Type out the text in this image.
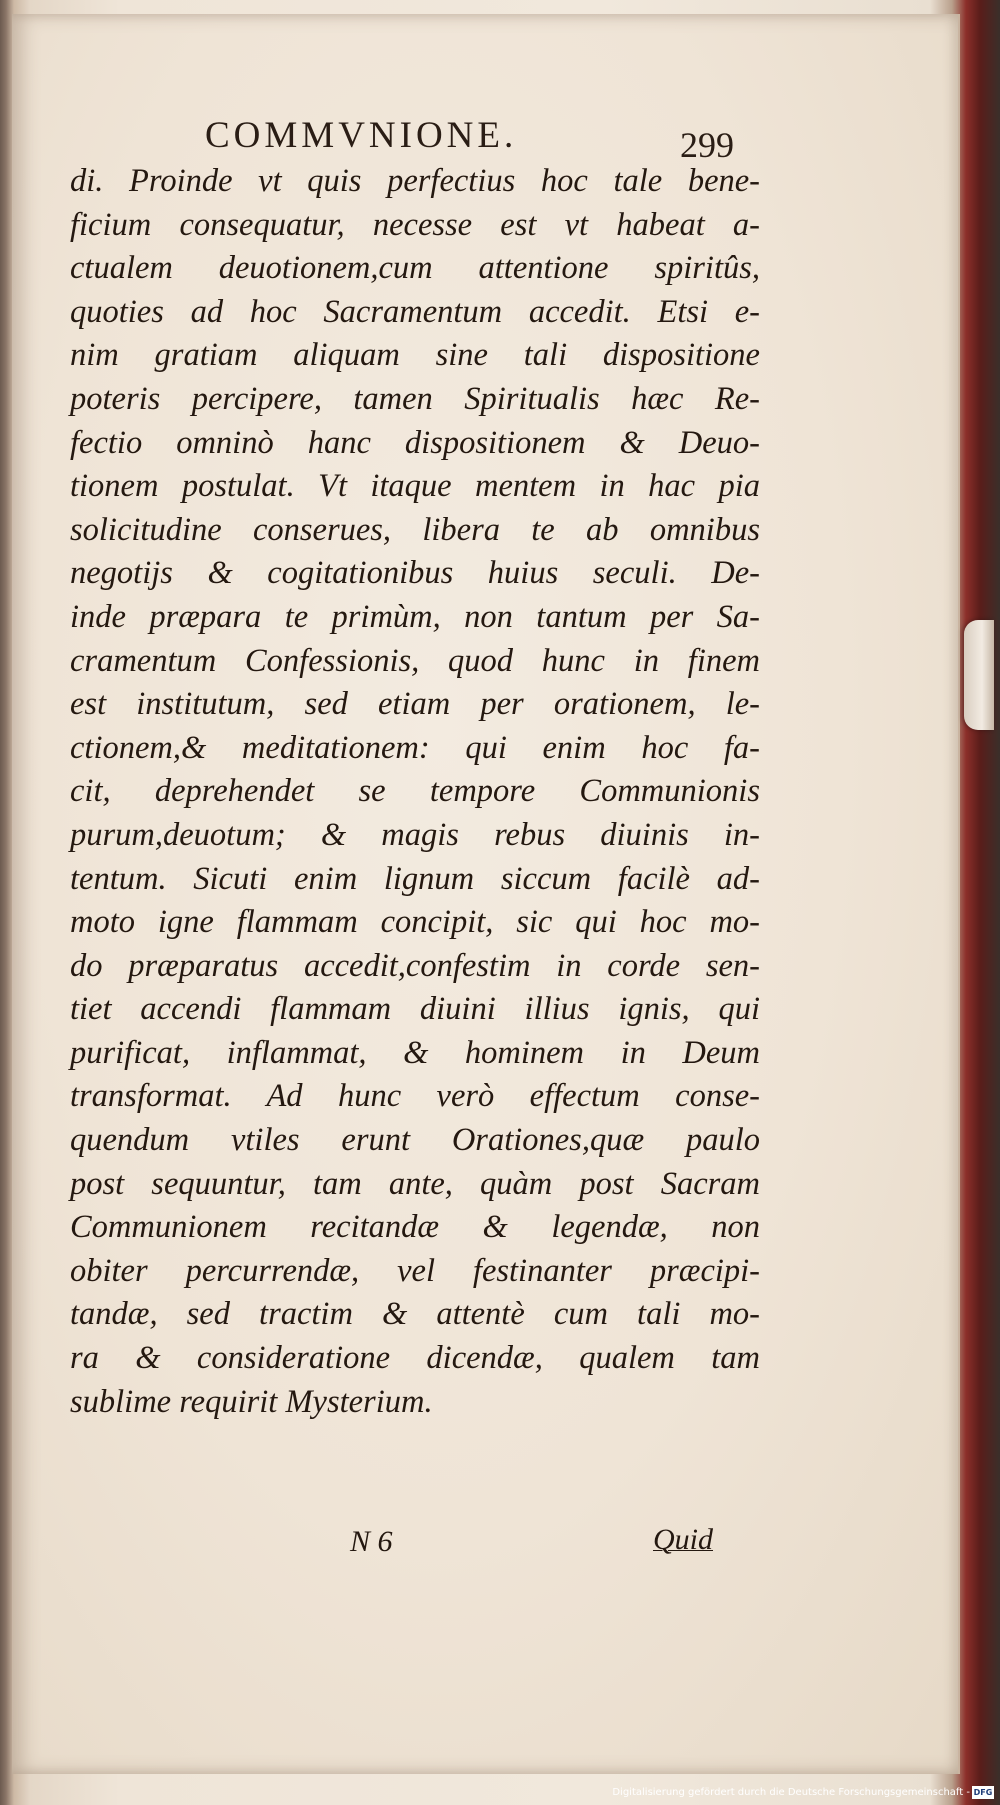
COMMVNIONE.	299
di. Proinde vt quis perfectius hoc tale bene-
ficium consequatur, necesse est vt habeat a-
ctualem deuotionem,cum attentione spiritûs,
quoties ad hoc Sacramentum accedit. Etsi e-
nim gratiam aliquam sine tali dispositione
poteris percipere, tamen Spiritualis hæc Re-
fectio omninò hanc dispositionem & Deuo-
tionem postulat. Vt itaque mentem in hac pia
solicitudine conserues, libera te ab omnibus
negotijs & cogitationibus huius seculi. De-
inde præpara te primùm, non tantum per Sa-
cramentum Confessionis, quod hunc in finem
est institutum, sed etiam per orationem, le-
ctionem,& meditationem: qui enim hoc fa-
cit, deprehendet se tempore Communionis
purum,deuotum; & magis rebus diuinis in-
tentum. Sicuti enim lignum siccum facilè ad-
moto igne flammam concipit, sic qui hoc mo-
do præparatus accedit,confestim in corde sen-
tiet accendi flammam diuini illius ignis, qui
purificat, inflammat, & hominem in Deum
transformat. Ad hunc verò effectum conse-
quendum vtiles erunt Orationes,quæ paulo
post sequuntur, tam ante, quàm post Sacram
Communionem recitandæ & legendæ, non
obiter percurrendæ, vel festinanter præcipi-
tandæ, sed tractim & attentè cum tali mo-
ra & consideratione dicendæ, qualem tam
sublime requirit Mysterium.
N 6	Quid
Digitalisierung gefördert durch die Deutsche Forschungsgemeinschaft - DFG
